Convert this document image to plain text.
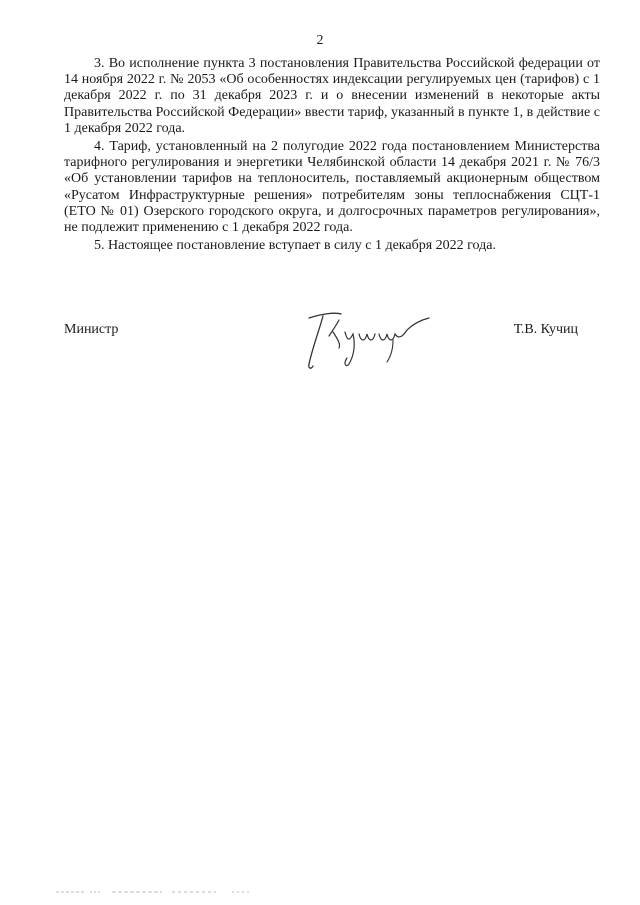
2

3. Во исполнение пункта 3 постановления Правительства Российской федерации от 14 ноября 2022 г. № 2053 «Об особенностях индексации регулируемых цен (тарифов) с 1 декабря 2022 г. по 31 декабря 2023 г. и о внесении изменений в некоторые акты Правительства Российской Федерации» ввести тариф, указанный в пункте 1, в действие с 1 декабря 2022 года.

4. Тариф, установленный на 2 полугодие 2022 года постановлением Министерства тарифного регулирования и энергетики Челябинской области 14 декабря 2021 г. № 76/3 «Об установлении тарифов на теплоноситель, поставляемый акционерным обществом «Русатом Инфраструктурные решения» потребителям зоны теплоснабжения СЦТ-1 (ЕТО № 01) Озерского городского округа, и долгосрочных параметров регулирования», не подлежит применению с 1 декабря 2022 года.

5. Настоящее постановление вступает в силу с 1 декабря 2022 года.

Министр	Т.В. Кучиц
